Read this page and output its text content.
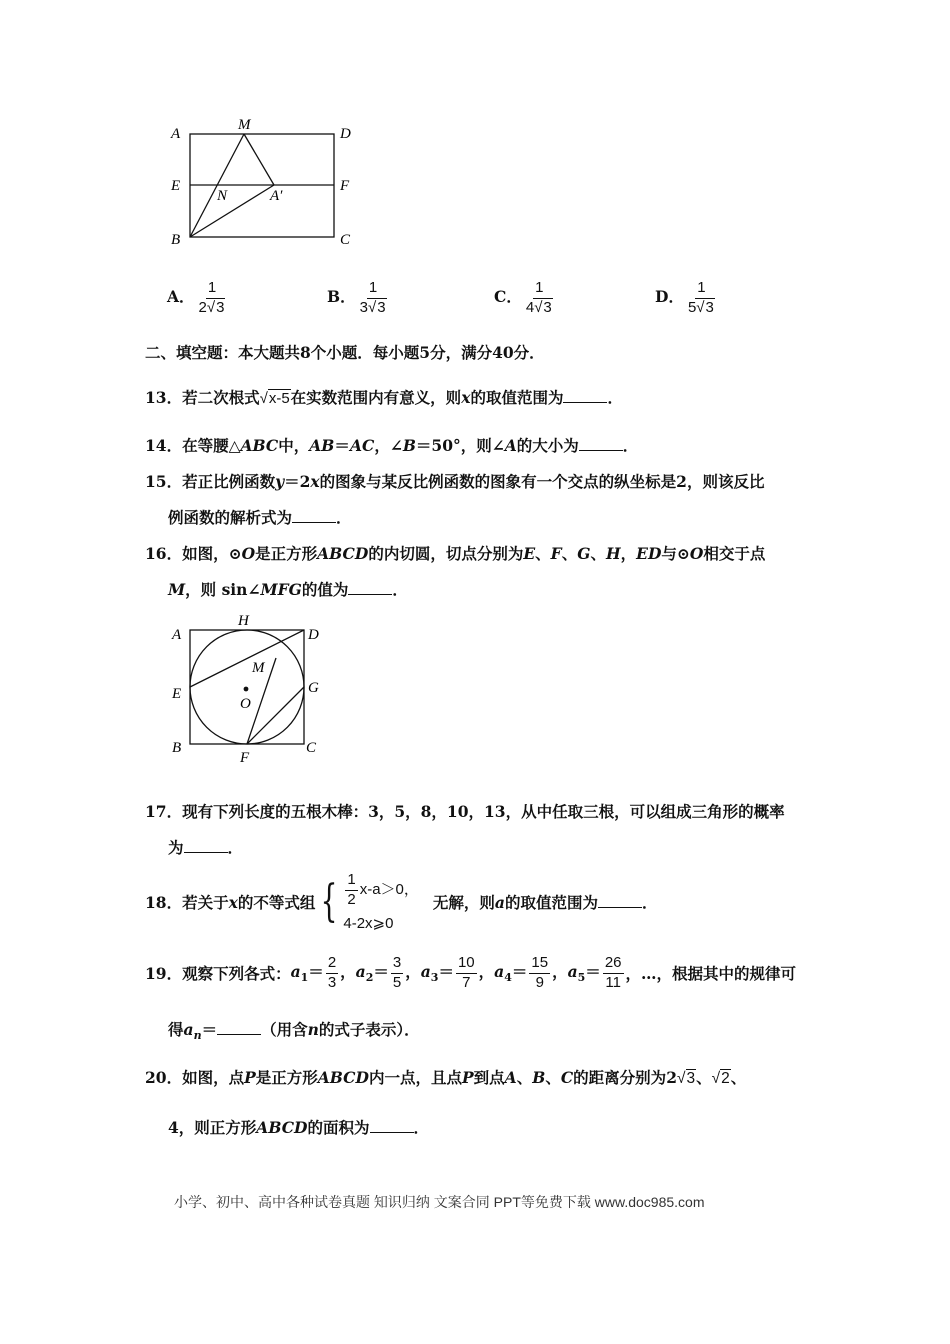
A
M
D
E
N	A′
F
B	C
A． $\frac{1}{2√3}$	B． $\frac{1}{3√3}$	C． $\frac{1}{4√3}$	D． $\frac{1}{5√3}$
二、填空题：本大题共8个小题．每小题5分，满分40分．
13．若二次根式√x-5在实数范围内有意义，则x的取值范围为	．
14．在等腰△ABC中，AB＝AC，∠B＝50°，则∠A的大小为	．
15．若正比例函数y＝2x的图象与某反比例函数的图象有一个交点的纵坐标是2，则该反比
例函数的解析式为	．
16．如图，⊙O是正方形ABCD的内切圆，切点分别为E、F、G、H，ED与⊙O相交于点
M，则 sin∠MFG的值为	．
A
H
D
M
E	G
O
B
F
C
17．现有下列长度的五根木棒：3，5，8，10，13，从中任取三根，可以组成三角形的概率
为	．
18．若关于x的不等式组 { $\frac{1}{2} x-a>0$，
4-2x⩾0
无解，则a的取值范围为	．
19．观察下列各式：$a_1= \frac{2}{3}$ ，$a_2= \frac{3}{5}$ ，$a_3= \frac{10}{7}$ ，$a_4= \frac{15}{9}$ ，$a_5= \frac{26}{11}$ ，…，根据其中的规律可
得$a_n=$	（用含n的式子表示）．
20．如图，点P是正方形ABCD内一点，且点P到点A、B、C的距离分别为2√3、√2、
4，则正方形ABCD的面积为	．
小学、初中、高中各种试卷真题 知识归纳 文案合同 PPT等免费下载 www.doc985.com
